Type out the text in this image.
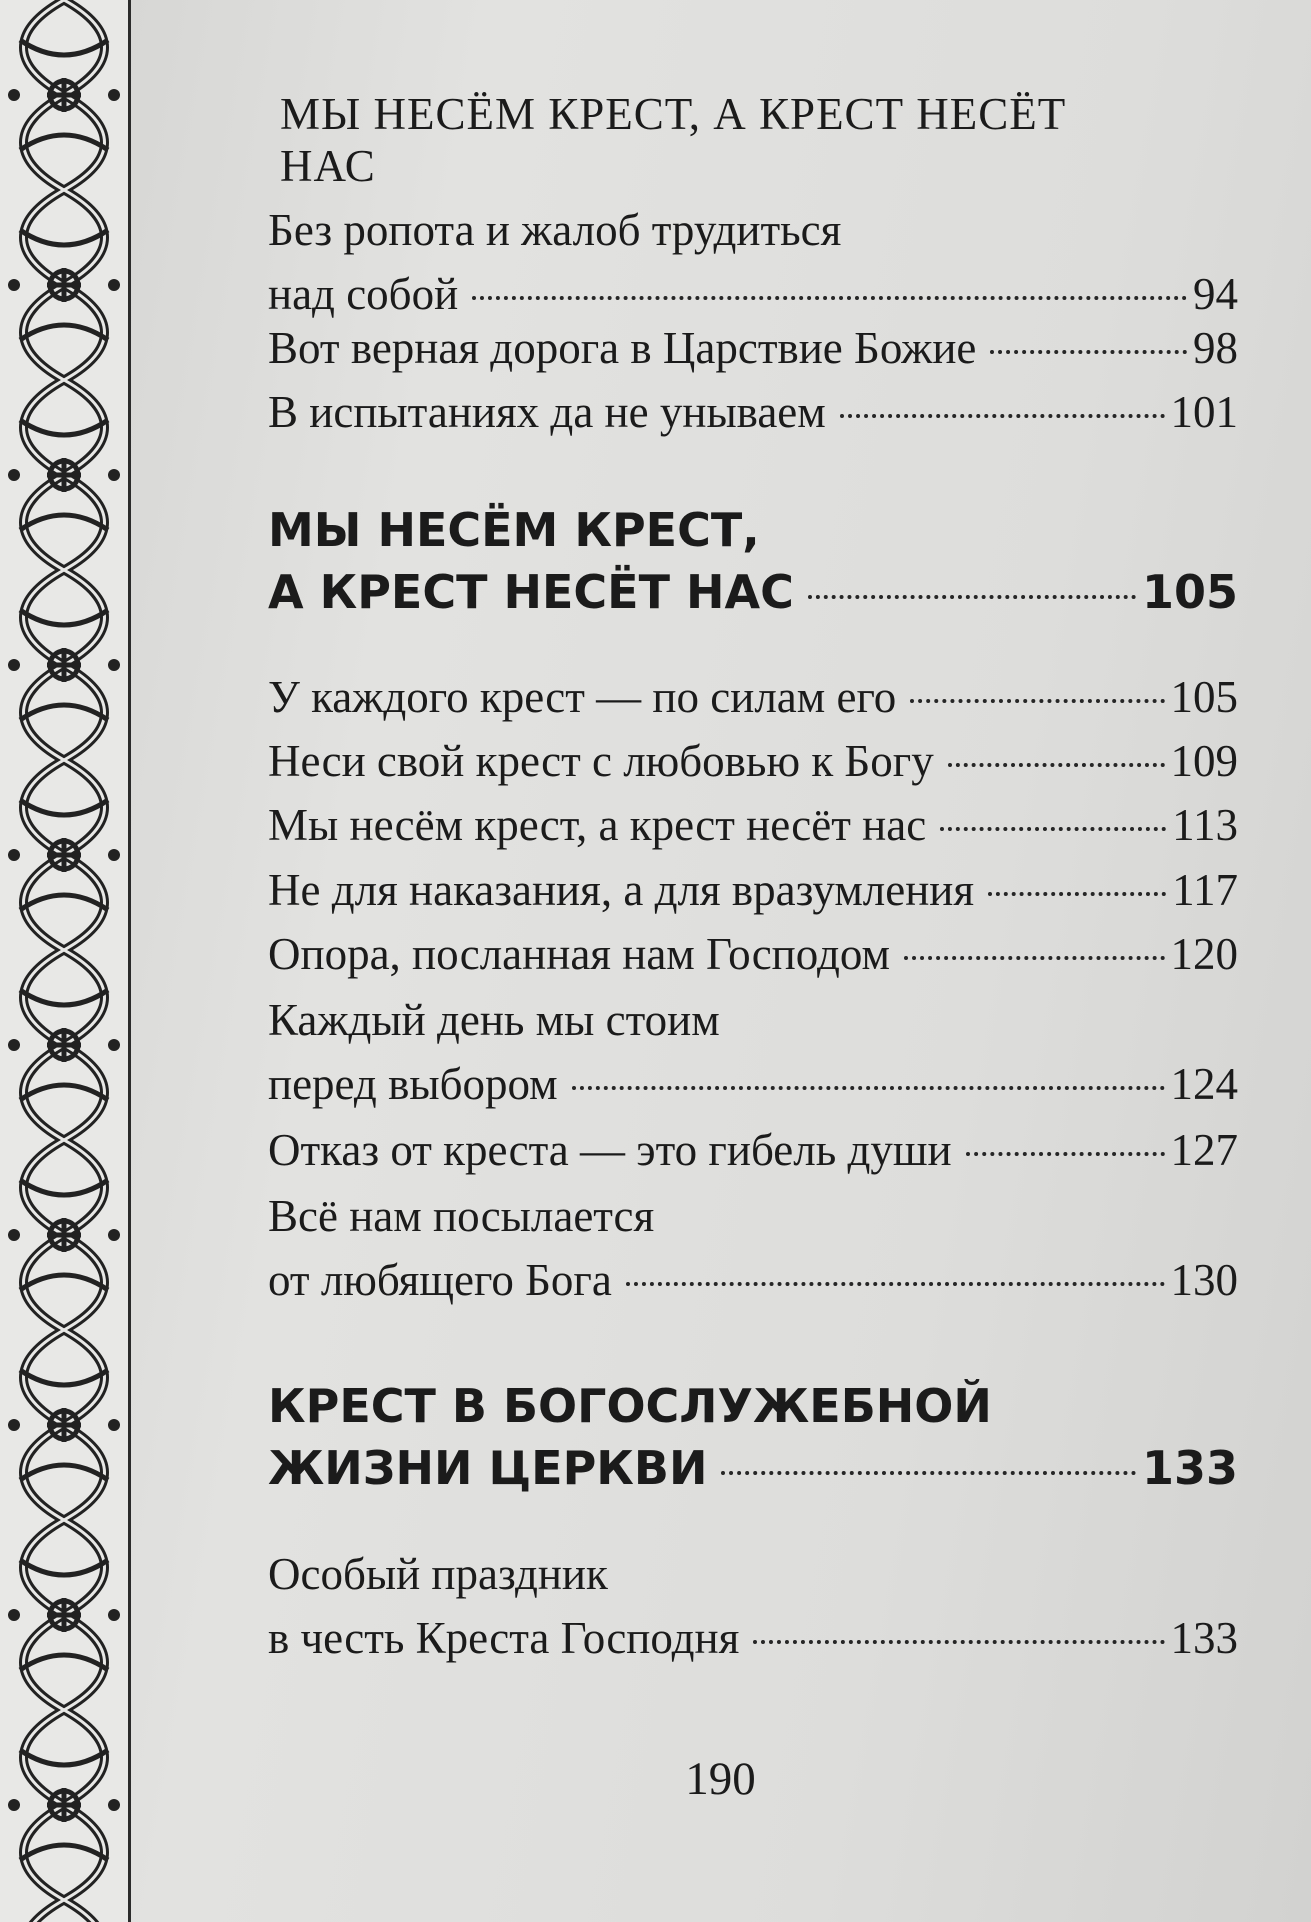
МЫ НЕСЁМ КРЕСТ, А КРЕСТ НЕСЁТ НАС
Без ропота и жалоб трудиться
над собой	94
Вот верная дорога в Царствие Божие	98
В испытаниях да не унываем	101
МЫ НЕСЁМ КРЕСТ,
А КРЕСТ НЕСЁТ НАС	105
У каждого крест — по силам его	105
Неси свой крест с любовью к Богу	109
Мы несём крест, а крест несёт нас	113
Не для наказания, а для вразумления	117
Опора, посланная нам Господом	120
Каждый день мы стоим
перед выбором	124
Отказ от креста — это гибель души	127
Всё нам посылается
от любящего Бога	130
КРЕСТ В БОГОСЛУЖЕБНОЙ
ЖИЗНИ ЦЕРКВИ	133
Особый праздник
в честь Креста Господня	133
190
